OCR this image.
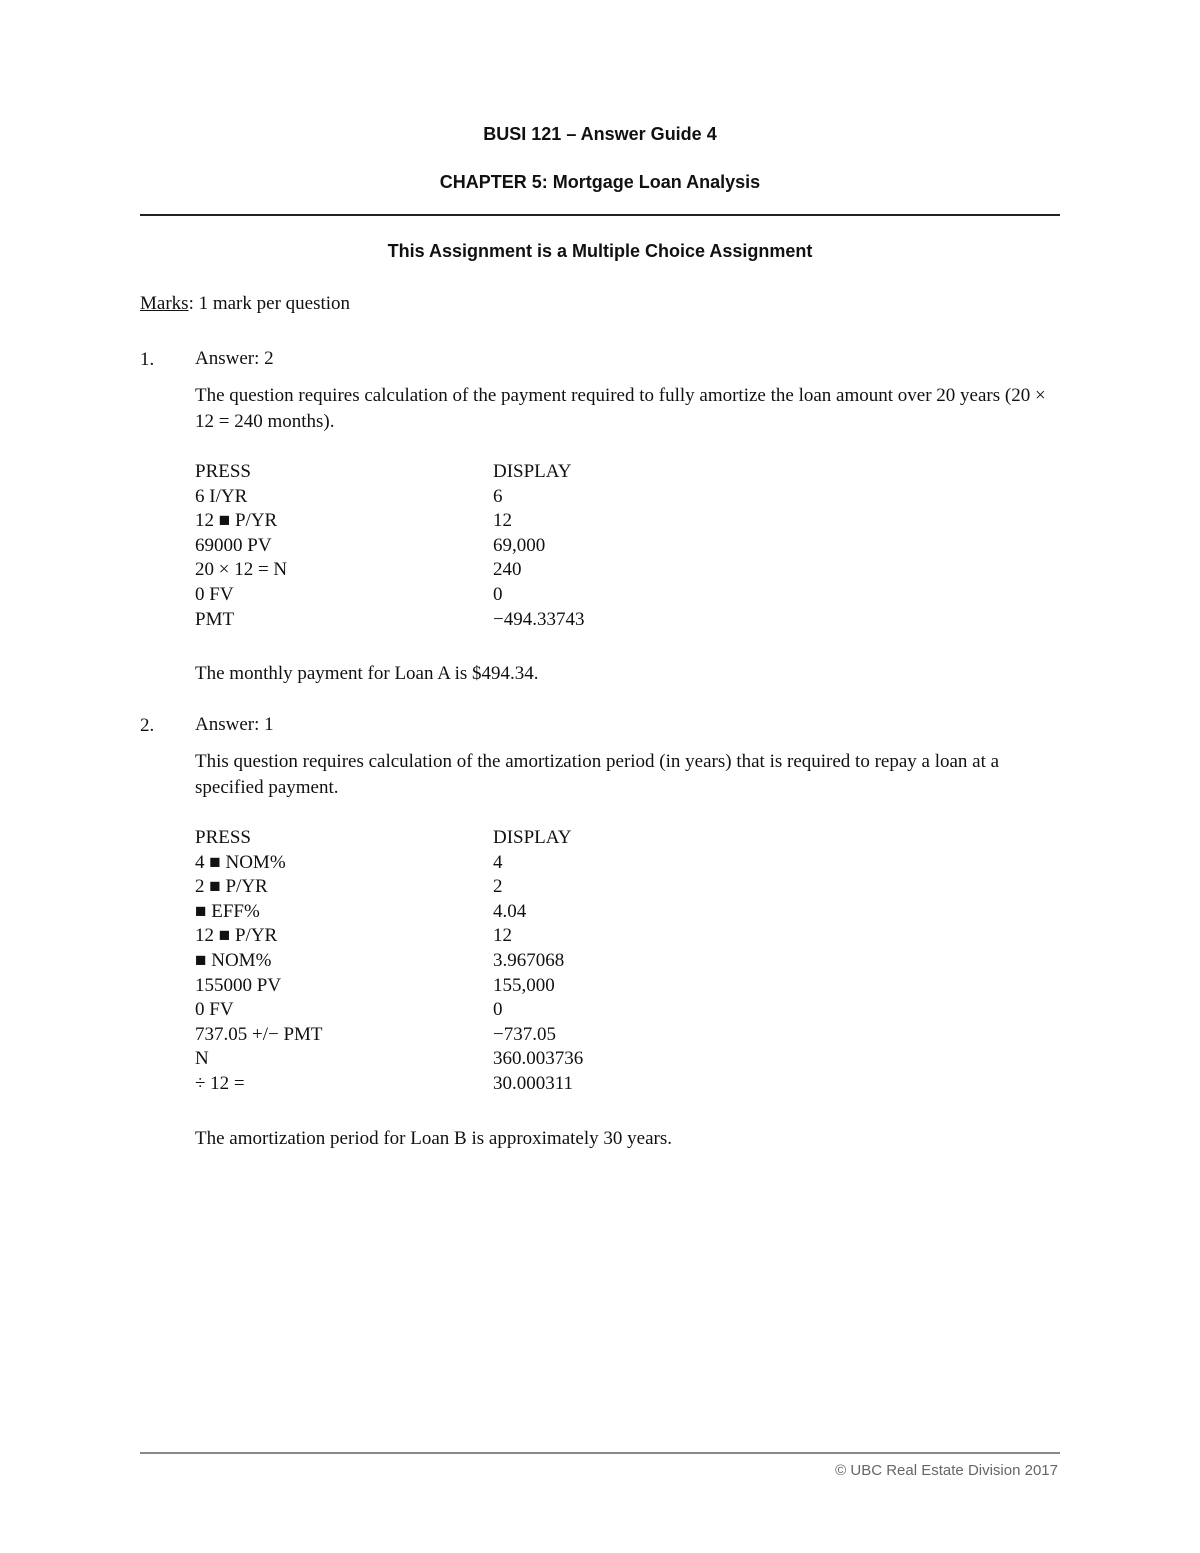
BUSI 121 – Answer Guide 4
CHAPTER 5: Mortgage Loan Analysis
This Assignment is a Multiple Choice Assignment
Marks: 1 mark per question
1. Answer: 2
The question requires calculation of the payment required to fully amortize the loan amount over 20 years (20 × 12 = 240 months).
PRESS	DISPLAY
6 I/YR	6
12 ■ P/YR	12
69000 PV	69,000
20 × 12 = N	240
0 FV	0
PMT	−494.33743
The monthly payment for Loan A is $494.34.
2. Answer: 1
This question requires calculation of the amortization period (in years) that is required to repay a loan at a specified payment.
PRESS	DISPLAY
4 ■ NOM%	4
2 ■ P/YR	2
■ EFF%	4.04
12 ■ P/YR	12
■ NOM%	3.967068
155000 PV	155,000
0 FV	0
737.05 +/− PMT	−737.05
N	360.003736
÷ 12 =	30.000311
The amortization period for Loan B is approximately 30 years.
© UBC Real Estate Division 2017
